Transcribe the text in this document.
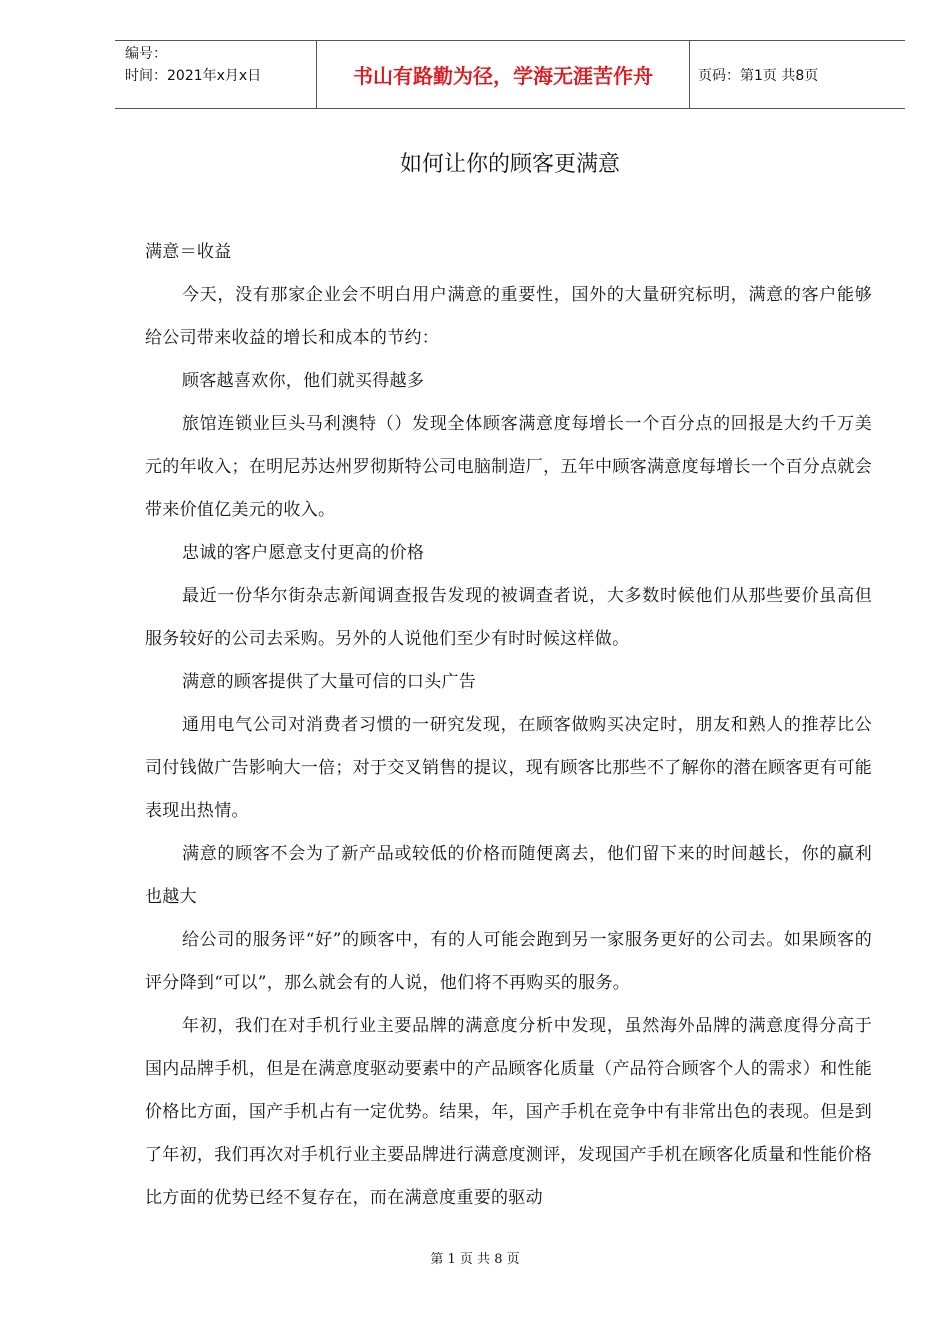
编号：
时间：2021年x月x日	书山有路勤为径，学海无涯苦作舟	页码：第1页 共8页
如何让你的顾客更满意

满意＝收益

今天，没有那家企业会不明白用户满意的重要性，国外的大量研究标明，满意的客户能够给公司带来收益的增长和成本的节约：

顾客越喜欢你，他们就买得越多

旅馆连锁业巨头马利澳特（）发现全体顾客满意度每增长一个百分点的回报是大约千万美元的年收入；在明尼苏达州罗彻斯特公司电脑制造厂，五年中顾客满意度每增长一个百分点就会带来价值亿美元的收入。

忠诚的客户愿意支付更高的价格

最近一份华尔街杂志新闻调查报告发现的被调查者说，大多数时候他们从那些要价虽高但服务较好的公司去采购。另外的人说他们至少有时时候这样做。

满意的顾客提供了大量可信的口头广告

通用电气公司对消费者习惯的一研究发现，在顾客做购买决定时，朋友和熟人的推荐比公司付钱做广告影响大一倍；对于交叉销售的提议，现有顾客比那些不了解你的潜在顾客更有可能表现出热情。

满意的顾客不会为了新产品或较低的价格而随便离去，他们留下来的时间越长，你的赢利也越大

给公司的服务评“好”的顾客中，有的人可能会跑到另一家服务更好的公司去。如果顾客的评分降到“可以”，那么就会有的人说，他们将不再购买的服务。

年初，我们在对手机行业主要品牌的满意度分析中发现，虽然海外品牌的满意度得分高于国内品牌手机，但是在满意度驱动要素中的产品顾客化质量（产品符合顾客个人的需求）和性能价格比方面，国产手机占有一定优势。结果，年，国产手机在竞争中有非常出色的表现。但是到了年初，我们再次对手机行业主要品牌进行满意度测评，发现国产手机在顾客化质量和性能价格比方面的优势已经不复存在，而在满意度重要的驱动

第 1 页 共 8 页
